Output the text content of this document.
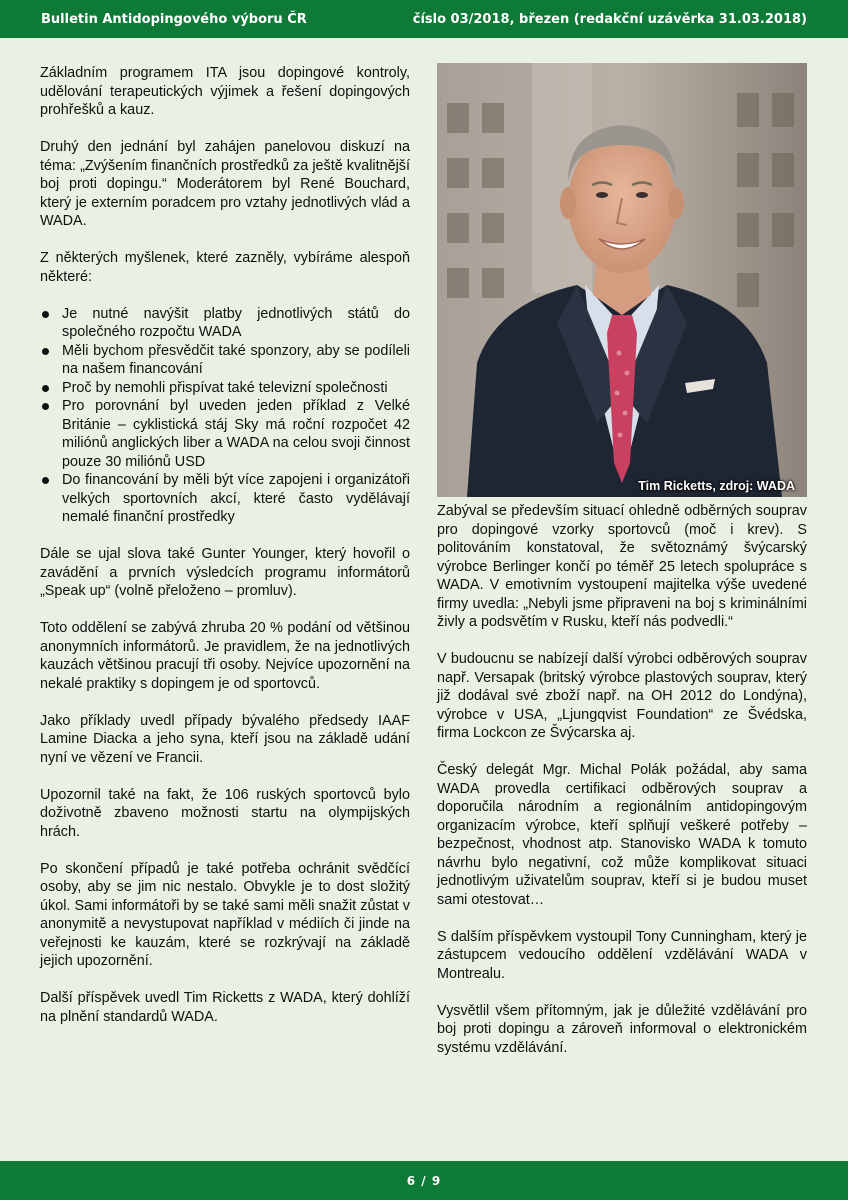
Bulletin Antidopingového výboru ČR	číslo 03/2018, březen (redakční uzávěrka 31.03.2018)

Základním programem ITA jsou dopingové kontroly, udělování terapeutických výjimek a řešení dopingových prohřešků a kauz.

Druhý den jednání byl zahájen panelovou diskuzí na téma: „Zvýšením finančních prostředků za ještě kvalitnější boj proti dopingu.“ Moderátorem byl René Bouchard, který je externím poradcem pro vztahy jednotlivých vlád a WADA.

Z některých myšlenek, které zazněly, vybíráme alespoň některé:

Je nutné navýšit platby jednotlivých států do společného rozpočtu WADA
Měli bychom přesvědčit také sponzory, aby se podíleli na našem financování
Proč by nemohli přispívat také televizní společnosti
Pro porovnání byl uveden jeden příklad z Velké Británie – cyklistická stáj Sky má roční rozpočet 42 miliónů anglických liber a WADA na celou svoji činnost pouze 30 miliónů USD
Do financování by měli být více zapojeni i organizátoři velkých sportovních akcí, které často vydělávají nemalé finanční prostředky

Dále se ujal slova také Gunter Younger, který hovořil o zavádění a prvních výsledcích programu informátorů „Speak up“ (volně přeloženo – promluv).

Toto oddělení se zabývá zhruba 20 % podání od většinou anonymních informátorů. Je pravidlem, že na jednotlivých kauzách většinou pracují tři osoby. Nejvíce upozornění na nekalé praktiky s dopingem je od sportovců.

Jako příklady uvedl případy bývalého předsedy IAAF Lamine Diacka a jeho syna, kteří jsou na základě udání nyní ve vězení ve Francii.

Upozornil také na fakt, že 106 ruských sportovců bylo doživotně zbaveno možnosti startu na olympijských hrách.

Po skončení případů je také potřeba ochránit svědčící osoby, aby se jim nic nestalo. Obvykle je to dost složitý úkol. Sami informátoři by se také sami měli snažit zůstat v anonymitě a nevystupovat například v médiích či jinde na veřejnosti ke kauzám, které se rozkrývají na základě jejich upozornění.

Další příspěvek uvedl Tim Ricketts z WADA, který dohlíží na plnění standardů WADA.

Tim Ricketts, zdroj: WADA

Zabýval se především situací ohledně odběrných souprav pro dopingové vzorky sportovců (moč i krev). S politováním konstatoval, že světoznámý švýcarský výrobce Berlinger končí po téměř 25 letech spolupráce s WADA. V emotivním vystoupení majitelka výše uvedené firmy uvedla: „Nebyli jsme připraveni na boj s kriminálními živly a podsvětím v Rusku, kteří nás podvedli.“

V budoucnu se nabízejí další výrobci odběrových souprav např. Versapak (britský výrobce plastových souprav, který již dodával své zboží např. na OH 2012 do Londýna), výrobce v USA, „Ljungqvist Foundation“ ze Švédska, firma Lockcon ze Švýcarska aj.

Český delegát Mgr. Michal Polák požádal, aby sama WADA provedla certifikaci odběrových souprav a doporučila národním a regionálním antidopingovým organizacím výrobce, kteří splňují veškeré potřeby – bezpečnost, vhodnost atp. Stanovisko WADA k tomuto návrhu bylo negativní, což může komplikovat situaci jednotlivým uživatelům souprav, kteří si je budou muset sami otestovat…

S dalším příspěvkem vystoupil Tony Cunningham, který je zástupcem vedoucího oddělení vzdělávání WADA v Montrealu.

Vysvětlil všem přítomným, jak je důležité vzdělávání pro boj proti dopingu a zároveň informoval o elektronickém systému vzdělávání.

6 / 9
